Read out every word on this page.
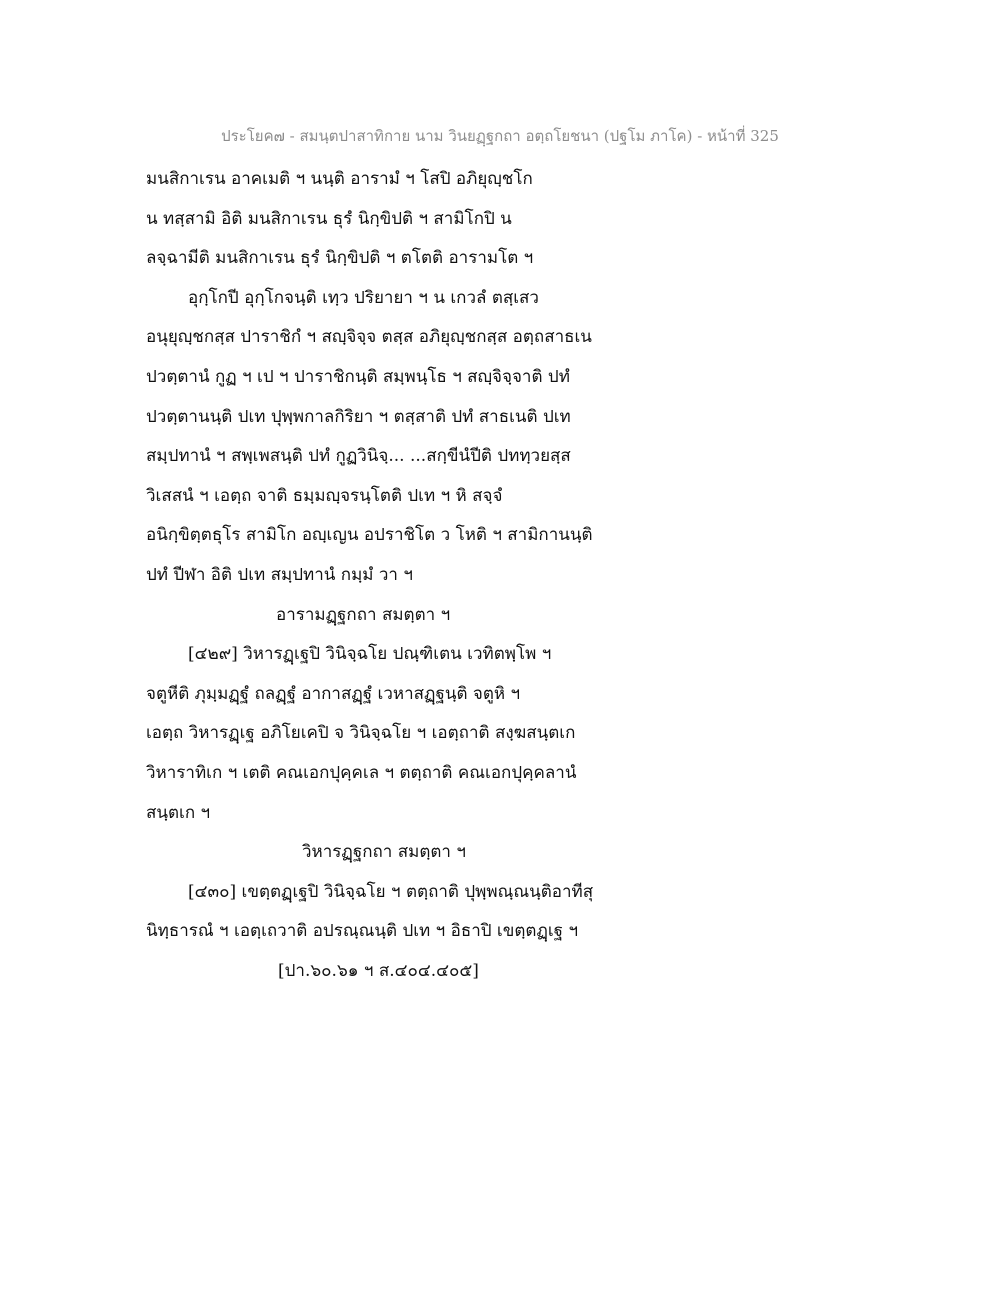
ประโยค๗ - สมนฺตปาสาทิกาย นาม วินยฏฺฐกถา อตฺถโยชนา (ปฐโม ภาโค) - หน้าที่ 325
มนสิกาเรน อาคเมติ ฯ นนฺติ อารามํ ฯ โสปิ อภิยุญฺชโก
น ทสฺสามิ อิติ มนสิกาเรน ธุรํ นิกฺขิปติ ฯ สามิโกปิ น
ลจฺฉามีติ มนสิกาเรน ธุรํ นิกฺขิปติ ฯ ตโตติ อารามโต ฯ
อุกฺโกปี อุกฺโกจนฺติ เทฺว ปริยายา ฯ น เกวลํ ตสฺเสว
อนุยุญฺชกสฺส ปาราชิกํ ฯ สญฺจิจฺจ ตสฺส อภิยุญฺชกสฺส อตฺถสาธเน
ปวตฺตานํ กูฏ ฯ เป ฯ ปาราชิกนฺติ สมฺพนฺโธ ฯ สญฺจิจฺจาติ ปทํ
ปวตฺตานนฺติ ปเท ปุพฺพกาลกิริยา ฯ ตสฺสาติ ปทํ สาธเนติ ปเท
สมฺปทานํ ฯ สพฺเพสนฺติ ปทํ กูฏวินิจฺ... ...สกฺขีนํปีติ ปททฺวยสฺส
วิเสสนํ ฯ เอตฺถ จาติ ธมฺมญฺจรนฺโตติ ปเท ฯ หิ สจฺจํ
อนิกฺขิตฺตธุโร สามิโก อญฺเญน อปราชิโต ว โหติ ฯ สามิกานนฺติ
ปทํ ปีฬา อิติ ปเท สมฺปทานํ กมฺมํ วา ฯ
อารามฏฺฐกถา สมตฺตา ฯ
[๔๒๙] วิหารฏฺเฐปิ วินิจฺฉโย ปณฺฑิเตน เวทิตพฺโพ ฯ
จตูหีติ ภุมฺมฏฺฐํ ถลฏฺฐํ อากาสฏฺฐํ เวหาสฏฺฐนฺติ จตูหิ ฯ
เอตฺถ วิหารฏฺเฐ อภิโยเคปิ จ วินิจฺฉโย ฯ เอตฺถาติ สงฺฆสนฺตเก
วิหาราทิเก ฯ เตติ คณเอกปุคฺคเล ฯ ตตฺถาติ คณเอกปุคฺคลานํ
สนฺตเก ฯ
วิหารฏฺฐกถา สมตฺตา ฯ
[๔๓๐] เขตฺตฏฺเฐปิ วินิจฺฉโย ฯ ตตฺถาติ ปุพฺพณฺณนฺติอาทีสุ
นิทฺธารณํ ฯ เอตฺเถวาติ อปรณฺณนฺติ ปเท ฯ อิธาปิ เขตฺตฏฺเฐ ฯ
[ปา.๖๐.๖๑ ฯ ส.๔๐๔.๔๐๕]
